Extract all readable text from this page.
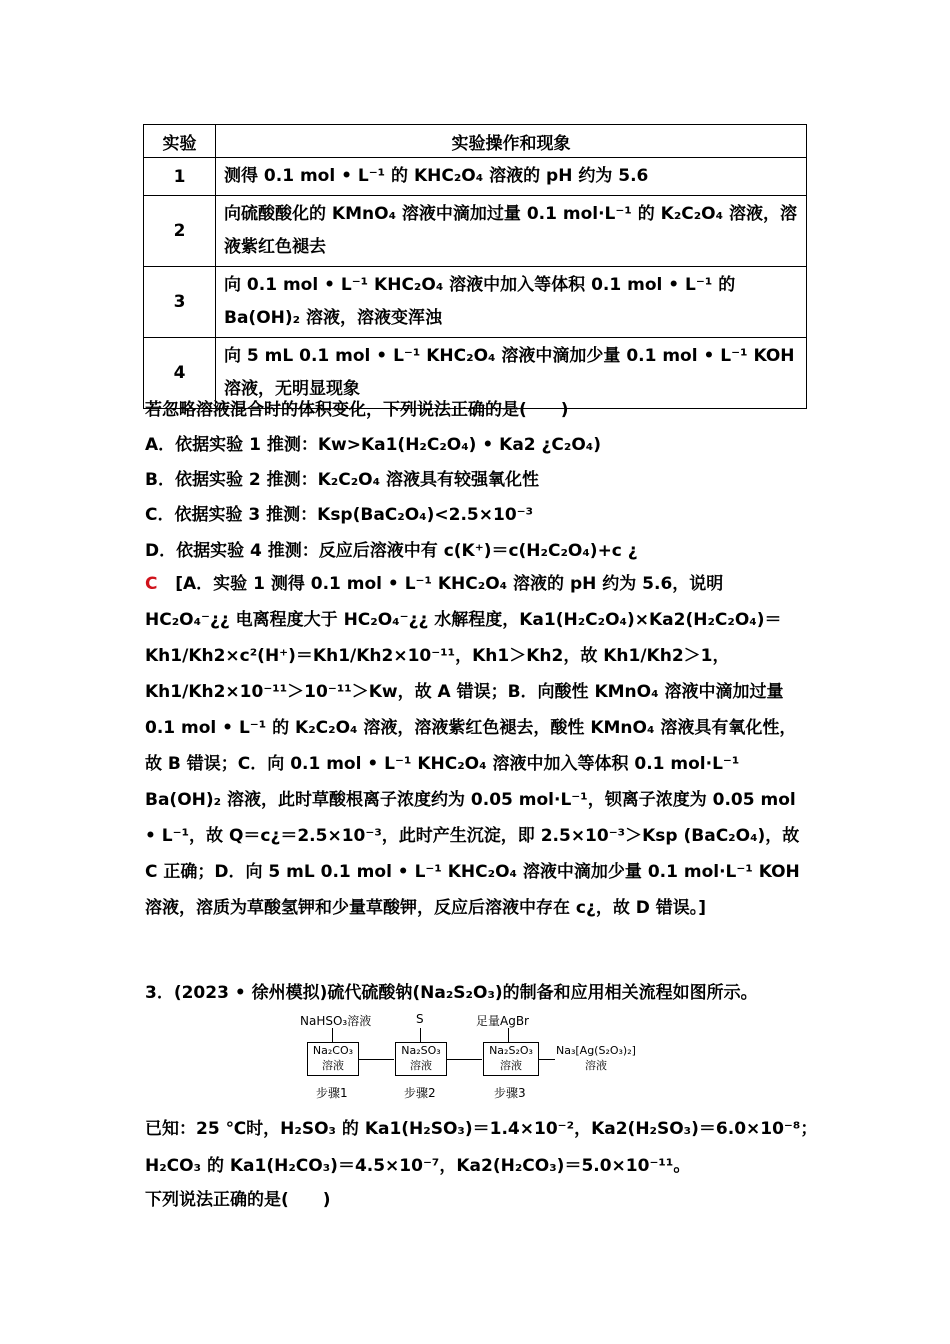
实验	实验操作和现象
1	测得 0.1 mol • L⁻¹ 的 KHC₂O₄ 溶液的 pH 约为 5.6
2	向硫酸酸化的 KMnO₄ 溶液中滴加过量 0.1 mol·L⁻¹ 的 K₂C₂O₄ 溶液，溶液紫红色褪去
3	向 0.1 mol • L⁻¹ KHC₂O₄ 溶液中加入等体积 0.1 mol • L⁻¹ 的 Ba(OH)₂ 溶液，溶液变浑浊
4	向 5 mL 0.1 mol • L⁻¹ KHC₂O₄ 溶液中滴加少量 0.1 mol • L⁻¹ KOH 溶液，无明显现象
若忽略溶液混合时的体积变化，下列说法正确的是(　　)
A．依据实验 1 推测：Kw>Ka1(H₂C₂O₄) • Ka2 ¿C₂O₄)
B．依据实验 2 推测：K₂C₂O₄ 溶液具有较强氧化性
C．依据实验 3 推测：Ksp(BaC₂O₄)<2.5×10⁻³
D．依据实验 4 推测：反应后溶液中有 c(K⁺)＝c(H₂C₂O₄)+c ¿
C [A．实验 1 测得 0.1 mol • L⁻¹ KHC₂O₄ 溶液的 pH 约为 5.6，说明 HC₂O₄⁻¿¿ 电离程度大于 HC₂O₄⁻¿¿ 水解程度，Ka1(H₂C₂O₄)×Ka2(H₂C₂O₄)＝Kh1/Kh2×c²(H⁺)＝Kh1/Kh2×10⁻¹¹，Kh1＞Kh2，故 Kh1/Kh2＞1，Kh1/Kh2×10⁻¹¹＞10⁻¹¹＞Kw，故 A 错误；B．向酸性 KMnO₄ 溶液中滴加过量 0.1 mol • L⁻¹ 的 K₂C₂O₄ 溶液，溶液紫红色褪去，酸性 KMnO₄ 溶液具有氧化性，故 B 错误；C．向 0.1 mol • L⁻¹ KHC₂O₄ 溶液中加入等体积 0.1 mol·L⁻¹ Ba(OH)₂ 溶液，此时草酸根离子浓度约为 0.05 mol·L⁻¹，钡离子浓度为 0.05 mol • L⁻¹，故 Q＝c¿＝2.5×10⁻³，此时产生沉淀，即 2.5×10⁻³＞Ksp (BaC₂O₄)，故 C 正确；D．向 5 mL 0.1 mol • L⁻¹ KHC₂O₄ 溶液中滴加少量 0.1 mol·L⁻¹ KOH 溶液，溶质为草酸氢钾和少量草酸钾，反应后溶液中存在 c¿，故 D 错误。]
3．(2023 • 徐州模拟)硫代硫酸钠(Na₂S₂O₃)的制备和应用相关流程如图所示。
NaHSO₃溶液	S	足量AgBr
Na₂CO₃
溶液
Na₂SO₃
溶液
Na₂S₂O₃
溶液
Na₃[Ag(S₂O₃)₂]
溶液
步骤1	步骤2	步骤3
已知：25 ℃时，H₂SO₃ 的 Ka1(H₂SO₃)＝1.4×10⁻²，Ka2(H₂SO₃)＝6.0×10⁻⁸；
H₂CO₃ 的 Ka1(H₂CO₃)＝4.5×10⁻⁷，Ka2(H₂CO₃)＝5.0×10⁻¹¹。
下列说法正确的是(　　)
